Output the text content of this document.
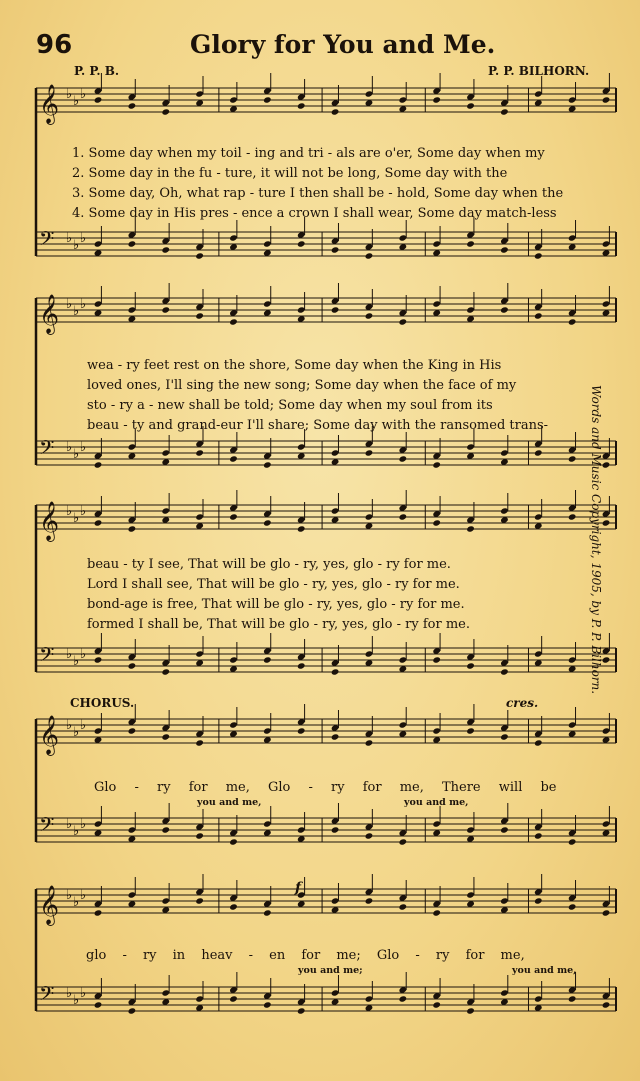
96	Glory for You and Me.
P. P. B.	P. P. BILHORN.
Words and Music Copyright, 1905, by P. P. Bilhorn.
𝄞 ♭ ♭ ♭
𝄢 ♭ ♭ ♭
𝄞 ♭ ♭ ♭
𝄢 ♭ ♭ ♭
𝄞 ♭ ♭ ♭
𝄢 ♭ ♭ ♭
𝄞 ♭ ♭ ♭
𝄢 ♭ ♭ ♭
𝄞 ♭ ♭ ♭
𝄢 ♭ ♭ ♭
1. Some day when my toil - ing and tri - als are o'er, Some day when my
2. Some day in the fu - ture, it will not be long, Some day with the
3. Some day, Oh, what rap - ture I then shall be - hold, Some day when the
4. Some day in His pres - ence a crown I shall wear, Some day match-less
wea - ry feet rest on the shore, Some day when the King in His
loved ones, I'll sing the new song; Some day when the face of my
sto - ry a - new shall be told; Some day when my soul from its
beau - ty and grand-eur I'll share; Some day with the ransomed trans-
beau - ty I see, That will be glo - ry, yes, glo - ry for me.
Lord I shall see, That will be glo - ry, yes, glo - ry for me.
bond-age is free, That will be glo - ry, yes, glo - ry for me.
formed I shall be, That will be glo - ry, yes, glo - ry for me.
CHORUS.	cres.
Glo - ry for me, Glo - ry for me, There will be
you and me,	you and me,
glo - ry in heav - en for me; Glo - ry for me,
you and me;	you and me,
f
